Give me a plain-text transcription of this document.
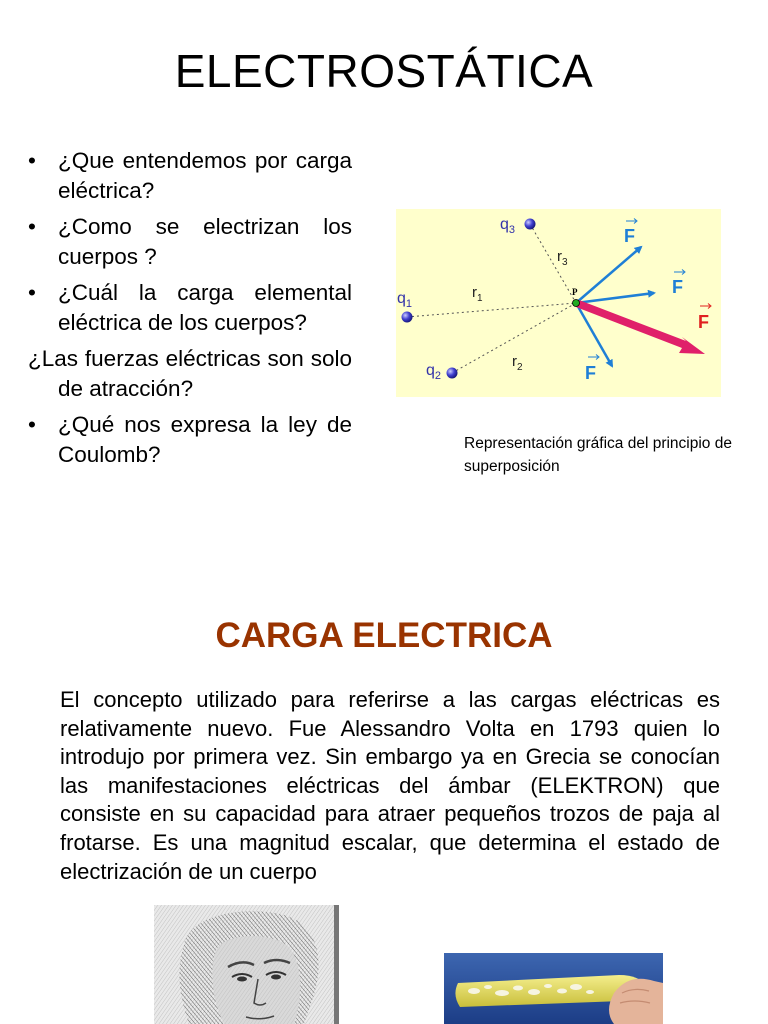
ELECTROSTÁTICA
• ¿Que entendemos por carga eléctrica?
• ¿Como se electrizan los cuerpos ?
• ¿Cuál la carga elemental eléctrica de los cuerpos?
¿Las fuerzas eléctricas son solo de atracción?
• ¿Qué nos expresa la ley de Coulomb?
P
$q_1$
$q_2$
$q_3$
$r_1$
$r_2$
$r_3$
F
F
F
F
Representación gráfica del principio de superposición
CARGA ELECTRICA
El concepto utilizado para referirse a las cargas eléctricas es relativamente nuevo. Fue Alessandro Volta en 1793 quien lo introdujo por primera vez. Sin embargo ya en Grecia se conocían las manifestaciones eléctricas del ámbar (ELEKTRON) que consiste en su capacidad para atraer pequeños trozos de paja al frotarse. Es una magnitud escalar, que determina el estado de electrización de un cuerpo
